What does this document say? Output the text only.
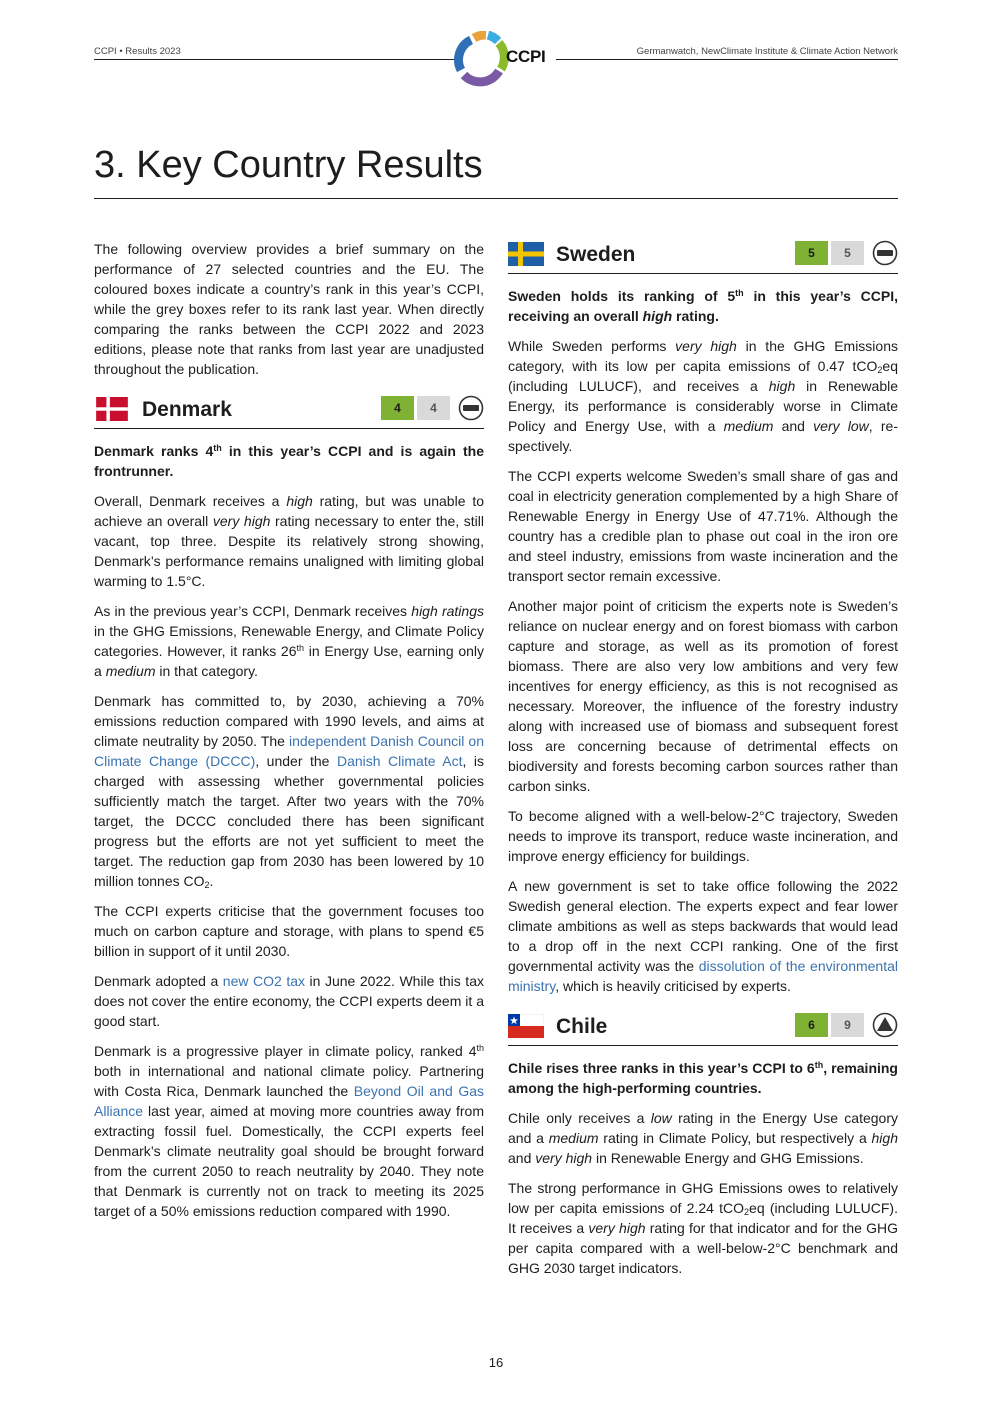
CCPI • Results 2023	CCPI	Germanwatch, NewClimate Institute & Climate Action Network
3. Key Country Results

The following overview provides a brief summary on the performance of 27 selected countries and the EU. The coloured boxes indicate a country’s rank in this year’s CCPI, while the grey boxes refer to its rank last year. When directly comparing the ranks between the CCPI 2022 and 2023 editions, please note that ranks from last year are unadjusted throughout the publication.

Denmark	4	4

Denmark ranks 4th in this year’s CCPI and is again the frontrunner.

Overall, Denmark receives a high rating, but was unable to achieve an overall very high rating necessary to enter the, still vacant, top three. Despite its relatively strong showing, Denmark’s performance remains unaligned with limiting global warming to 1.5°C.

As in the previous year’s CCPI, Denmark receives high ratings in the GHG Emissions, Renewable Energy, and Climate Policy categories. However, it ranks 26th in Energy Use, earning only a medium in that category.

Denmark has committed to, by 2030, achieving a 70% emissions reduction compared with 1990 levels, and aims at climate neutrality by 2050. The independent Danish Council on Climate Change (DCCC), under the Danish Climate Act, is charged with assessing whether governmental policies sufficiently match the target. After two years with the 70% target, the DCCC concluded there has been significant progress but the efforts are not yet sufficient to meet the target. The reduction gap from 2030 has been lowered by 10 million tonnes $CO_2$.

The CCPI experts criticise that the government focuses too much on carbon capture and storage, with plans to spend €5 billion in support of it until 2030.

Denmark adopted a new CO2 tax in June 2022. While this tax does not cover the entire economy, the CCPI experts deem it a good start.

Denmark is a progressive player in climate policy, ranked 4th both in international and national climate policy. Partnering with Costa Rica, Denmark launched the Beyond Oil and Gas Alliance last year, aimed at moving more countries away from extracting fossil fuel. Domestically, the CCPI experts feel Denmark’s climate neutrality goal should be brought forward from the current 2050 to reach neutrality by 2040. They note that Denmark is currently not on track to meeting its 2025 target of a 50% emissions reduction compared with 1990.

Sweden	5	5

Sweden holds its ranking of 5th in this year’s CCPI, receiving an overall high rating.

While Sweden performs very high in the GHG Emissions category, with its low per capita emissions of 0.47 tCO$_2$eq (including LULUCF), and receives a high in Renewable Energy, its performance is considerably worse in Climate Policy and Energy Use, with a medium and very low, respectively.

The CCPI experts welcome Sweden’s small share of gas and coal in electricity generation complemented by a high Share of Renewable Energy in Energy Use of 47.71%. Although the country has a credible plan to phase out coal in the iron ore and steel industry, emissions from waste incineration and the transport sector remain excessive.

Another major point of criticism the experts note is Sweden’s reliance on nuclear energy and on forest biomass with carbon capture and storage, as well as its promotion of forest biomass. There are also very low ambitions and very few incentives for energy efficiency, as this is not recognised as necessary. Moreover, the influence of the forestry industry along with increased use of biomass and subsequent forest loss are concerning because of detrimental effects on biodiversity and forests becoming carbon sources rather than carbon sinks.

To become aligned with a well-below-2°C trajectory, Sweden needs to improve its transport, reduce waste incineration, and improve energy efficiency for buildings.

A new government is set to take office following the 2022 Swedish general election. The experts expect and fear lower climate ambitions as well as steps backwards that would lead to a drop off in the next CCPI ranking. One of the first governmental activity was the dissolution of the environmental ministry, which is heavily criticised by experts.

Chile	6	9

Chile rises three ranks in this year’s CCPI to 6th, remaining among the high-performing countries.

Chile only receives a low rating in the Energy Use category and a medium rating in Climate Policy, but respectively a high and very high in Renewable Energy and GHG Emissions.

The strong performance in GHG Emissions owes to relatively low per capita emissions of 2.24 tCO$_2$eq (including LULUCF). It receives a very high rating for that indicator and for the GHG per capita compared with a well-below-2°C benchmark and GHG 2030 target indicators.

16
